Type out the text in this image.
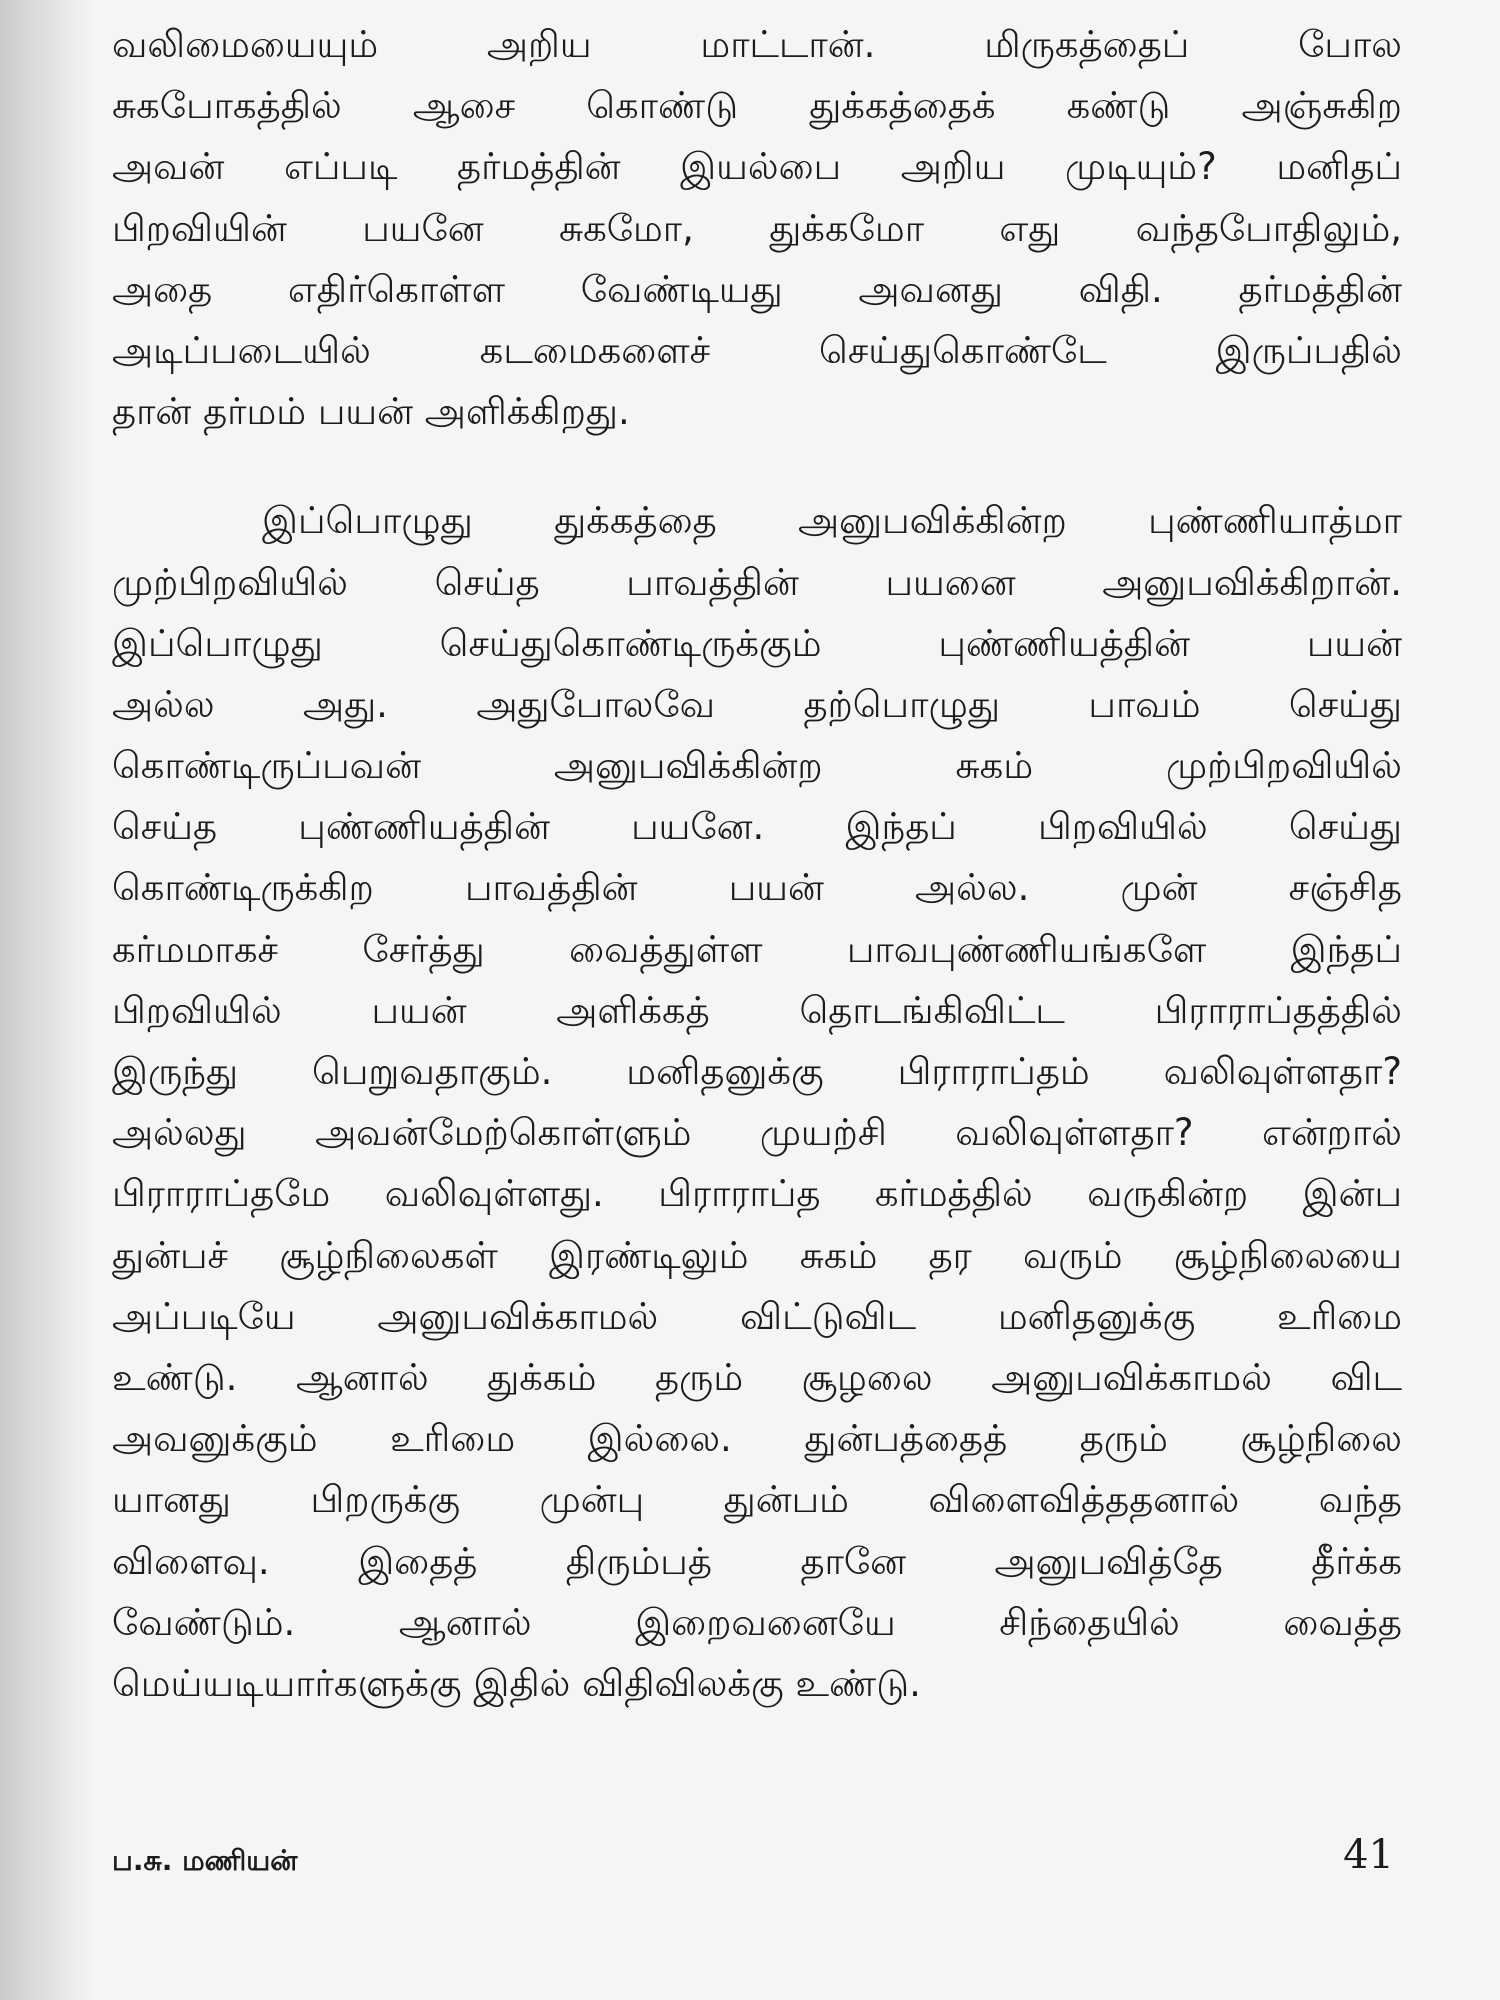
வலிமையையும் அறிய மாட்டான். மிருகத்தைப் போல
சுகபோகத்தில் ஆசை கொண்டு துக்கத்தைக் கண்டு அஞ்சுகிற
அவன் எப்படி தர்மத்தின் இயல்பை அறிய முடியும்? மனிதப்
பிறவியின் பயனே சுகமோ, துக்கமோ எது வந்தபோதிலும்,
அதை எதிர்கொள்ள வேண்டியது அவனது விதி. தர்மத்தின்
அடிப்படையில் கடமைகளைச் செய்துகொண்டே இருப்பதில்
தான் தர்மம் பயன் அளிக்கிறது.
இப்பொழுது துக்கத்தை அனுபவிக்கின்ற புண்ணியாத்மா
முற்பிறவியில் செய்த பாவத்தின் பயனை அனுபவிக்கிறான்.
இப்பொழுது செய்துகொண்டிருக்கும் புண்ணியத்தின் பயன்
அல்ல அது. அதுபோலவே தற்பொழுது பாவம் செய்து
கொண்டிருப்பவன் அனுபவிக்கின்ற சுகம் முற்பிறவியில்
செய்த புண்ணியத்தின் பயனே. இந்தப் பிறவியில் செய்து
கொண்டிருக்கிற பாவத்தின் பயன் அல்ல. முன் சஞ்சித
கர்மமாகச் சேர்த்து வைத்துள்ள பாவபுண்ணியங்களே இந்தப்
பிறவியில் பயன் அளிக்கத் தொடங்கிவிட்ட பிராராப்தத்தில்
இருந்து பெறுவதாகும். மனிதனுக்கு பிராராப்தம் வலிவுள்ளதா?
அல்லது அவன்மேற்கொள்ளும் முயற்சி வலிவுள்ளதா? என்றால்
பிராராப்தமே வலிவுள்ளது. பிராராப்த கர்மத்தில் வருகின்ற இன்ப
துன்பச் சூழ்நிலைகள் இரண்டிலும் சுகம் தர வரும் சூழ்நிலையை
அப்படியே அனுபவிக்காமல் விட்டுவிட மனிதனுக்கு உரிமை
உண்டு. ஆனால் துக்கம் தரும் சூழலை அனுபவிக்காமல் விட
அவனுக்கும் உரிமை இல்லை. துன்பத்தைத் தரும் சூழ்நிலை
யானது பிறருக்கு முன்பு துன்பம் விளைவித்ததனால் வந்த
விளைவு. இதைத் திரும்பத் தானே அனுபவித்தே தீர்க்க
வேண்டும். ஆனால் இறைவனையே சிந்தையில் வைத்த
மெய்யடியார்களுக்கு இதில் விதிவிலக்கு உண்டு.
ப.சு. மணியன்	41
